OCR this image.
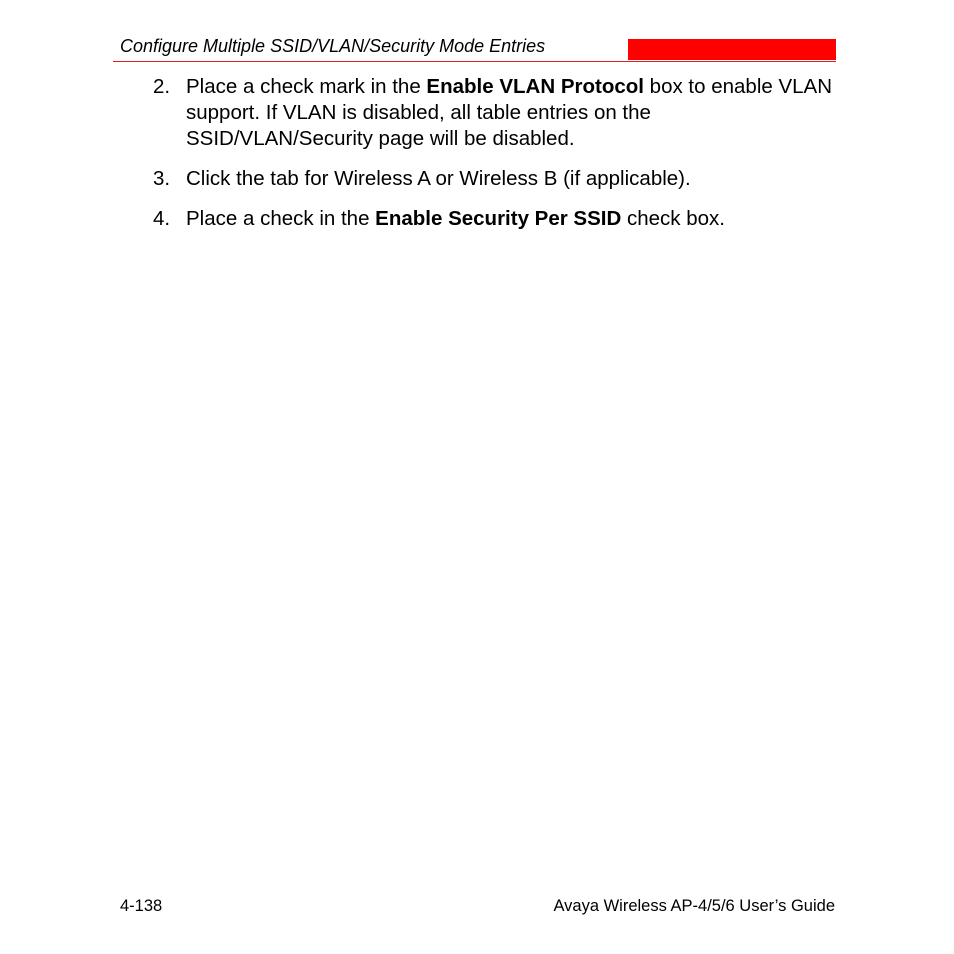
Configure Multiple SSID/VLAN/Security Mode Entries
2. Place a check mark in the Enable VLAN Protocol box to enable VLAN support. If VLAN is disabled, all table entries on the SSID/VLAN/Security page will be disabled.
3. Click the tab for Wireless A or Wireless B (if applicable).
4. Place a check in the Enable Security Per SSID check box.
4-138	Avaya Wireless AP-4/5/6 User’s Guide
